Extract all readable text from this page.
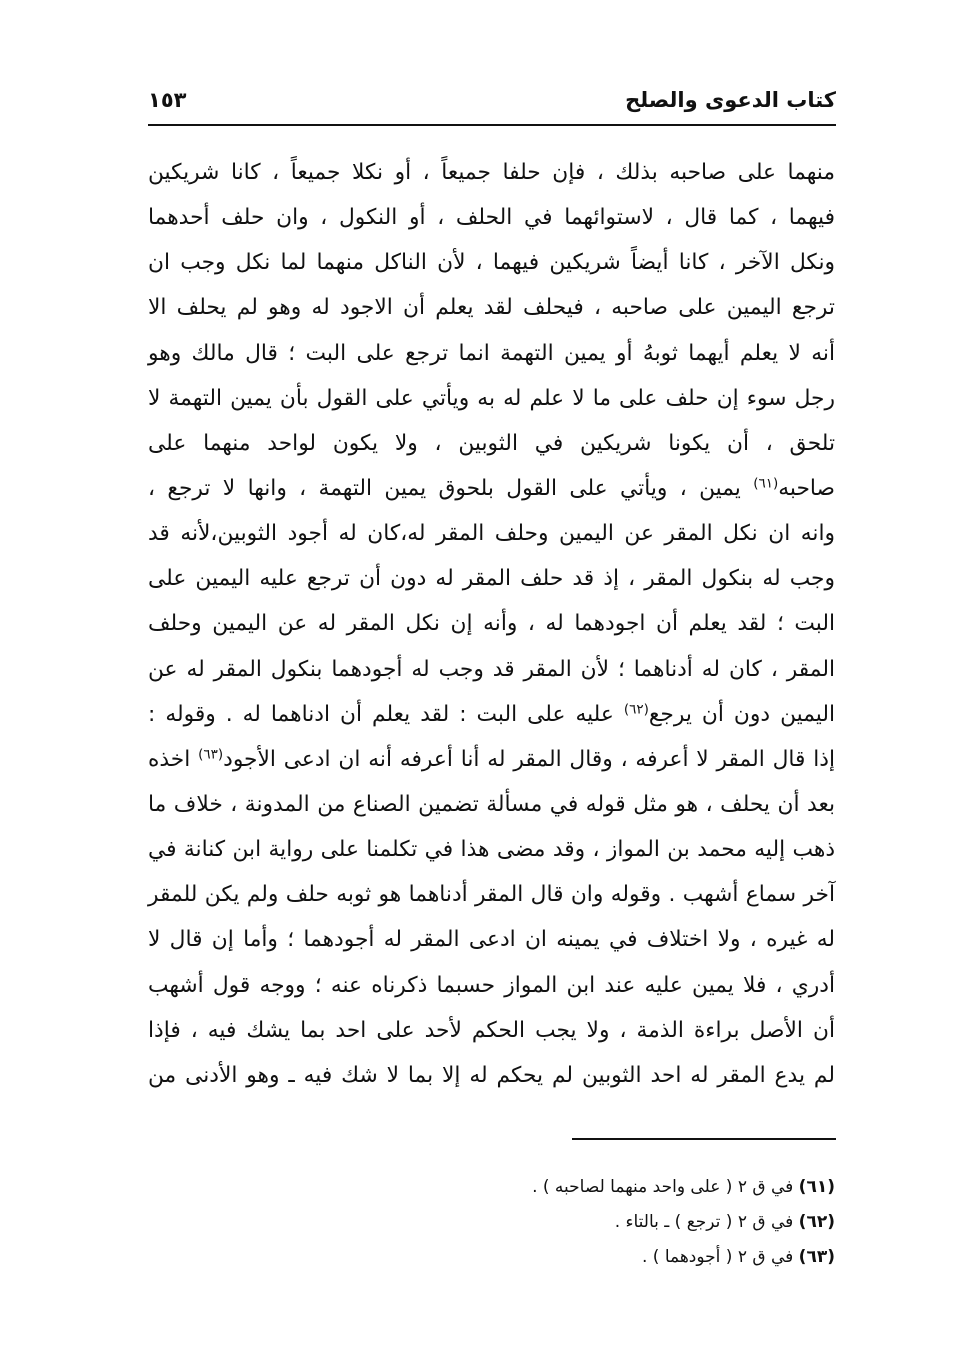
كتاب الدعوى والصلح
١٥٣
منهما على صاحبه بذلك ، فإن حلفا جميعاً ، أو نكلا جميعاً ، كانا شريكين
فيهما ، كما قال ، لاستوائهما في الحلف ، أو النكول ، وان حلف أحدهما
ونكل الآخر ، كانا أيضاً شريكين فيهما ، لأن الناكل منهما لما نكل وجب ان
ترجع اليمين على صاحبه ، فيحلف لقد يعلم أن الاجود له وهو لم يحلف الا
أنه لا يعلم أيهما ثوبهُ أو يمين التهمة انما ترجع على البت ؛ قال مالك وهو
رجل سوء إن حلف على ما لا علم له به ويأتي على القول بأن يمين التهمة لا
تلحق ، أن يكونا شريكين في الثوبين ، ولا يكون لواحد منهما على
صاحبه$^{(٦١)}$ يمين ، ويأتي على القول بلحوق يمين التهمة ، وانها لا ترجع ،
وانه ان نكل المقر عن اليمين وحلف المقر له،كان له أجود الثوبين،لأنه قد
وجب له بنكول المقر ، إذ قد حلف المقر له دون أن ترجع عليه اليمين على
البت ؛ لقد يعلم أن اجودهما له ، وأنه إن نكل المقر له عن اليمين وحلف
المقر ، كان له أدناهما ؛ لأن المقر قد وجب له أجودهما بنكول المقر له عن
اليمين دون أن يرجع$^{(٦٢)}$ عليه على البت : لقد يعلم أن ادناهما له . وقوله :
إذا قال المقر لا أعرفه ، وقال المقر له أنا أعرفه أنه ان ادعى الأجود$^{(٦٣)}$ اخذه
بعد أن يحلف ، هو مثل قوله في مسألة تضمين الصناع من المدونة ، خلاف ما
ذهب إليه محمد بن المواز ، وقد مضى هذا في تكلمنا على رواية ابن كنانة في
آخر سماع أشهب . وقوله وان قال المقر أدناهما هو ثوبه حلف ولم يكن للمقر
له غيره ، ولا اختلاف في يمينه ان ادعى المقر له أجودهما ؛ وأما إن قال لا
أدري ، فلا يمين عليه عند ابن المواز حسبما ذكرناه عنه ؛ ووجه قول أشهب
أن الأصل براءة الذمة ، ولا يجب الحكم لأحد على احد بما يشك فيه ، فإذا
لم يدع المقر له احد الثوبين لم يحكم له إلا بما لا شك فيه ـ وهو الأدنى من
(٦١) في ق ٢ ( على واحد منهما لصاحبه ) .
(٦٢) في ق ٢ ( ترجع ) ـ بالتاء .
(٦٣) في ق ٢ ( أجودهما ) .
